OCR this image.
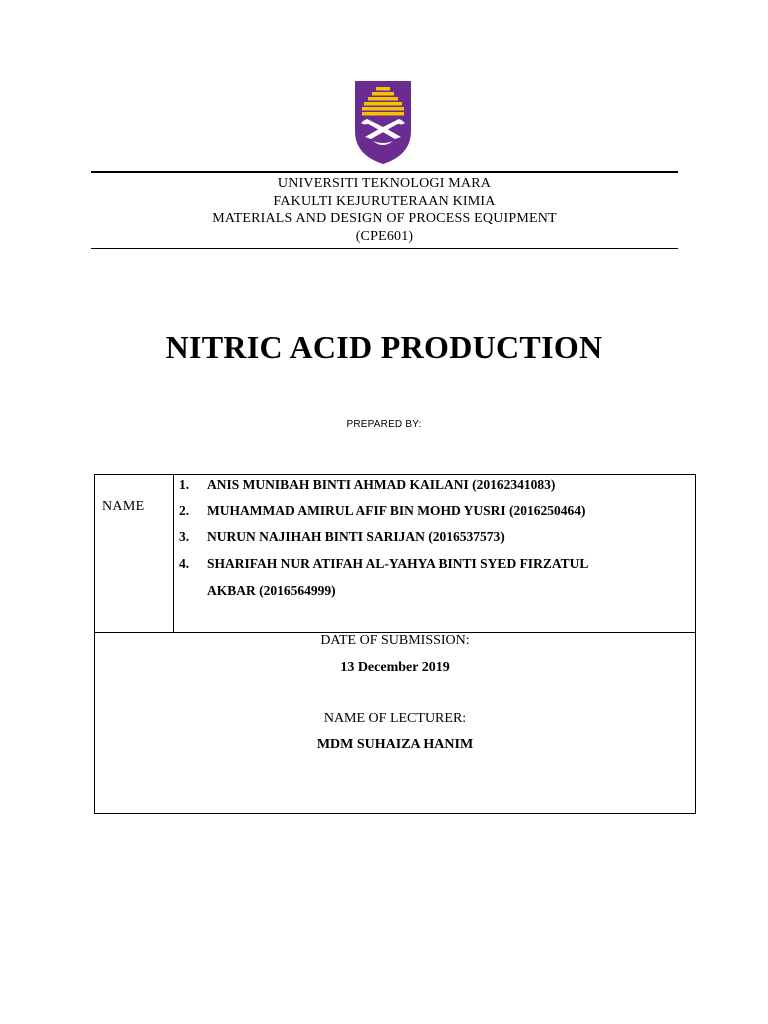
UNIVERSITI TEKNOLOGI MARA
FAKULTI KEJURUTERAAN KIMIA
MATERIALS AND DESIGN OF PROCESS EQUIPMENT
(CPE601)
NITRIC ACID PRODUCTION
PREPARED BY:
NAME
1. ANIS MUNIBAH BINTI AHMAD KAILANI (20162341083)
2. MUHAMMAD AMIRUL AFIF BIN MOHD YUSRI (2016250464)
3. NURUN NAJIHAH BINTI SARIJAN (2016537573)
4. SHARIFAH NUR ATIFAH AL-YAHYA BINTI SYED FIRZATUL
AKBAR (2016564999)
DATE OF SUBMISSION:
13 December 2019
NAME OF LECTURER:
MDM SUHAIZA HANIM
